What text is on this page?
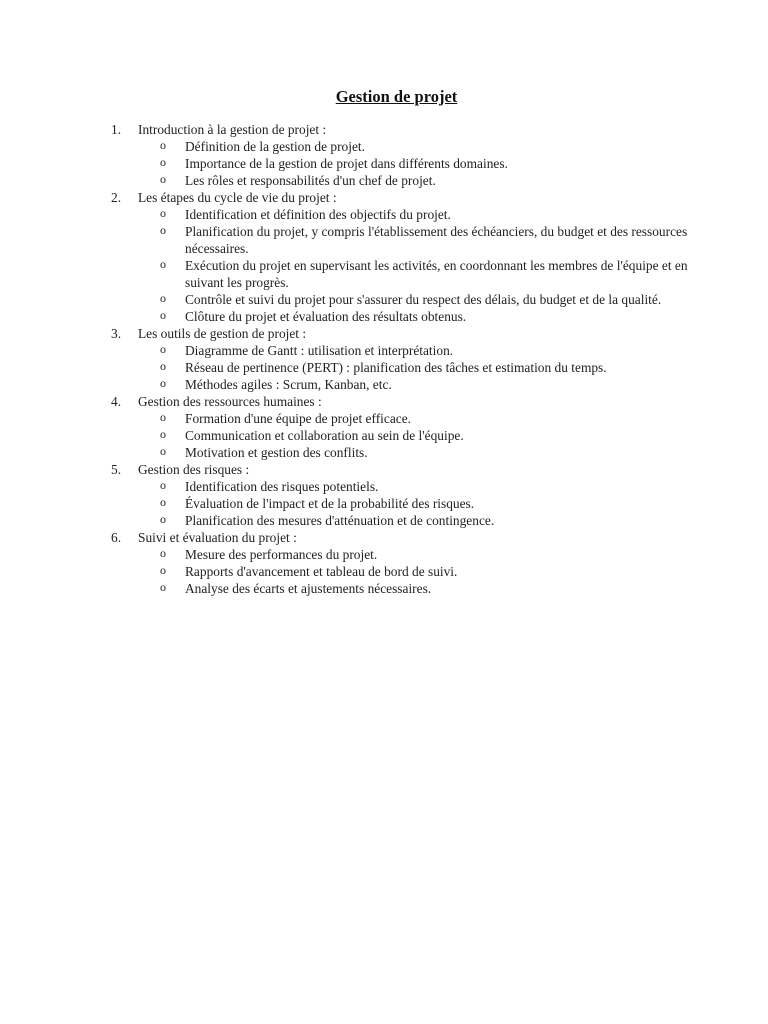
Gestion de projet
1.	Introduction à la gestion de projet :
o Définition de la gestion de projet.
o Importance de la gestion de projet dans différents domaines.
o Les rôles et responsabilités d'un chef de projet.
2.	Les étapes du cycle de vie du projet :
o Identification et définition des objectifs du projet.
o Planification du projet, y compris l'établissement des échéanciers, du budget et des ressources nécessaires.
o Exécution du projet en supervisant les activités, en coordonnant les membres de l'équipe et en suivant les progrès.
o Contrôle et suivi du projet pour s'assurer du respect des délais, du budget et de la qualité.
o Clôture du projet et évaluation des résultats obtenus.
3.	Les outils de gestion de projet :
o Diagramme de Gantt : utilisation et interprétation.
o Réseau de pertinence (PERT) : planification des tâches et estimation du temps.
o Méthodes agiles : Scrum, Kanban, etc.
4.	Gestion des ressources humaines :
o Formation d'une équipe de projet efficace.
o Communication et collaboration au sein de l'équipe.
o Motivation et gestion des conflits.
5.	Gestion des risques :
o Identification des risques potentiels.
o Évaluation de l'impact et de la probabilité des risques.
o Planification des mesures d'atténuation et de contingence.
6.	Suivi et évaluation du projet :
o Mesure des performances du projet.
o Rapports d'avancement et tableau de bord de suivi.
o Analyse des écarts et ajustements nécessaires.
